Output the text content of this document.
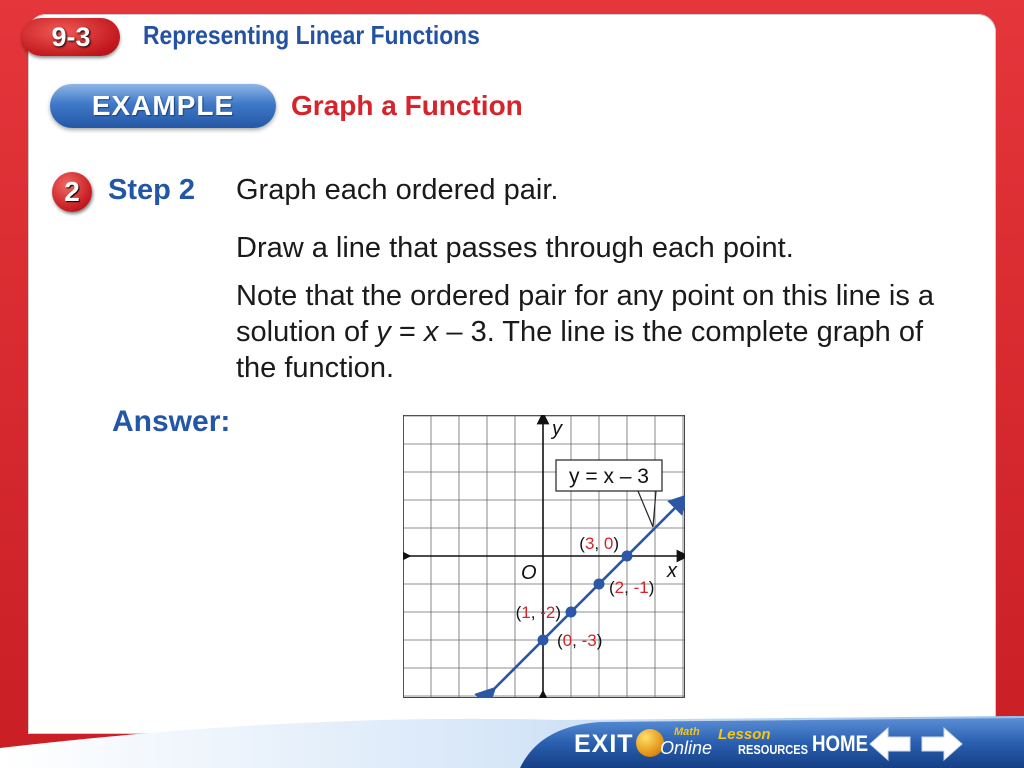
9-3	Representing Linear Functions
EXAMPLE	Graph a Function
2 Step 2 Graph each ordered pair.
Draw a line that passes through each point.
Note that the ordered pair for any point on this line is a solution of y = x – 3. The line is the complete graph of the function.
Answer:	y
x
O
y = x – 3
(0, -3)
(1, -2)
(2, -1)
(3, 0)
EXIT	Math
Online
Lesson
RESOURCES HOME
